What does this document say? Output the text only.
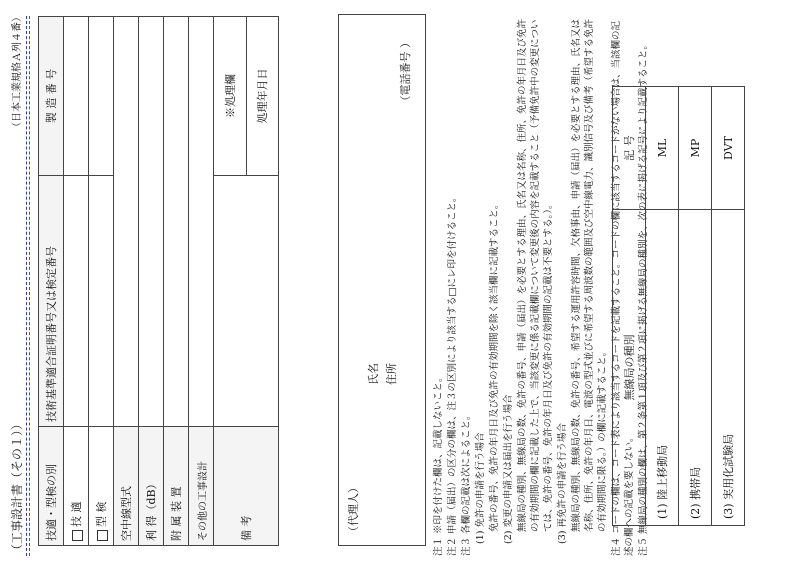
（工事設計書（その１））
（日本工業規格Ａ列４番）
技適・型検の別	技術基準適合証明番号又は検定番号	製 造 番 号
技 適		
型 検		
空中線型式		
利 得（dB）		
附 属 装 置		
その他の工事設計		
備 考		※処理欄
		処理年月日
（代理人）
氏名 住所
（電話番号 ）

注１ ※印を付けた欄は、記載しないこと。 注２ 申請（届出）の区分の欄は、注３の区別により該当する□にレ印を付けること。 注３ 各欄の記載は次によること。 (1) 免許の申請を行う場合 免許の番号、免許の年月日及び免許の有効期間を除く該当欄に記載すること。 (2) 変更の申請又は届出を行う場合 無線局の種別、無線局の数、免許の番号、申請（届出）を必要とする理由、氏名又は名称、住所、免許の年月日及び免許の有効期間の欄に記載した上で、当該変更に係る記載欄について変更後の内容を記載すること（予備免許中の変更については、免許の番号、免許の年月日及び免許の有効期間の記載は不要とする。）。 (3) 再免許の申請を行う場合 無線局の種別、無線局の数、免許の番号、希望する運用許容時間、欠格事由、申請（届出）を必要とする理由、氏名又は名称、住所、免許の年月日、電波の型式並びに希望する周波数の範囲及び空中線電力、識別信号及び備考（希望する免許の有効期間に限る。）の欄に記載すること。 注４ コードの欄は、コード表により該当するコードを記載すること。コードの欄に該当するコードがない場合は、当該欄の記述の欄への記載を要しない。 注５ 無線局の種別の欄は、第２条第１項及び第２項に掲げる無線局の種別を、次の表に掲げる記号により記載すること。

無線局の種別	記 号
(1) 陸上移動局	ML
(2) 携帯局	MP
(3) 実用化試験局	DVT
